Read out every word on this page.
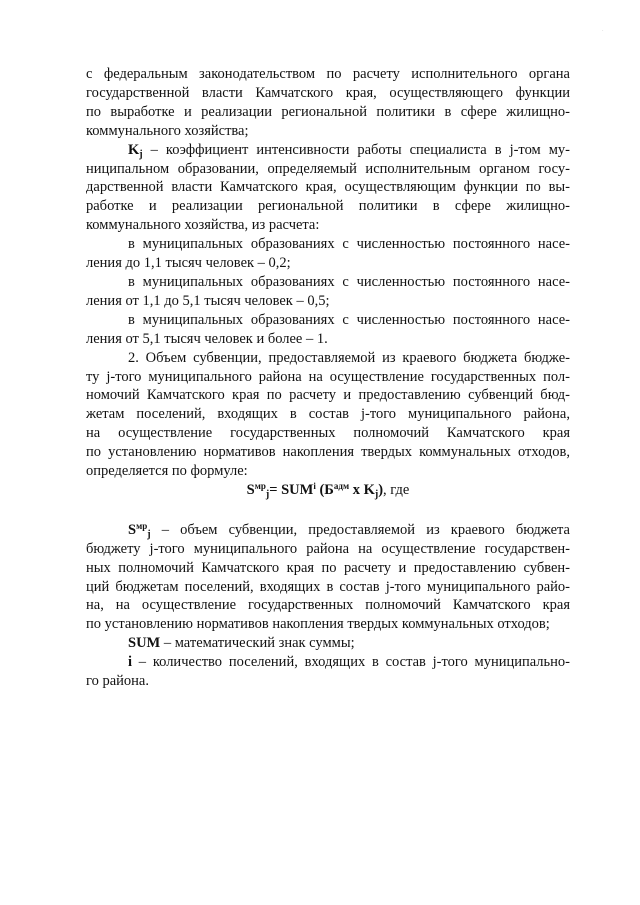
.
с федеральным законодательством по расчету исполнительного органа
государственной власти Камчатского края, осуществляющего функции
по выработке и реализации региональной политики в сфере жилищно-
коммунального хозяйства;
$K_j$ – коэффициент интенсивности работы специалиста в j-том му-
ниципальном образовании, определяемый исполнительным органом госу-
дарственной власти Камчатского края, осуществляющим функции по вы-
работке и реализации региональной политики в сфере жилищно-
коммунального хозяйства, из расчета:
в муниципальных образованиях с численностью постоянного насе-
ления до 1,1 тысяч человек – 0,2;
в муниципальных образованиях с численностью постоянного насе-
ления от 1,1 до 5,1 тысяч человек – 0,5;
в муниципальных образованиях с численностью постоянного насе-
ления от 5,1 тысяч человек и более – 1.
2. Объем субвенции, предоставляемой из краевого бюджета бюдже-
ту j-того муниципального района на осуществление государственных пол-
номочий Камчатского края по расчету и предоставлению субвенций бюд-
жетам поселений, входящих в состав j-того муниципального района,
на осуществление государственных полномочий Камчатского края
по установлению нормативов накопления твердых коммунальных отходов,
определяется по формуле:
$S^{мр}_j= SUM^i$ ($Б^{адм}$ x $K_j$), где
$S^{мр}_j$ – объем субвенции, предоставляемой из краевого бюджета
бюджету j-того муниципального района на осуществление государствен-
ных полномочий Камчатского края по расчету и предоставлению субвен-
ций бюджетам поселений, входящих в состав j-того муниципального райо-
на, на осуществление государственных полномочий Камчатского края
по установлению нормативов накопления твердых коммунальных отходов;
SUM – математический знак суммы;
i – количество поселений, входящих в состав j-того муниципально-
го района.
